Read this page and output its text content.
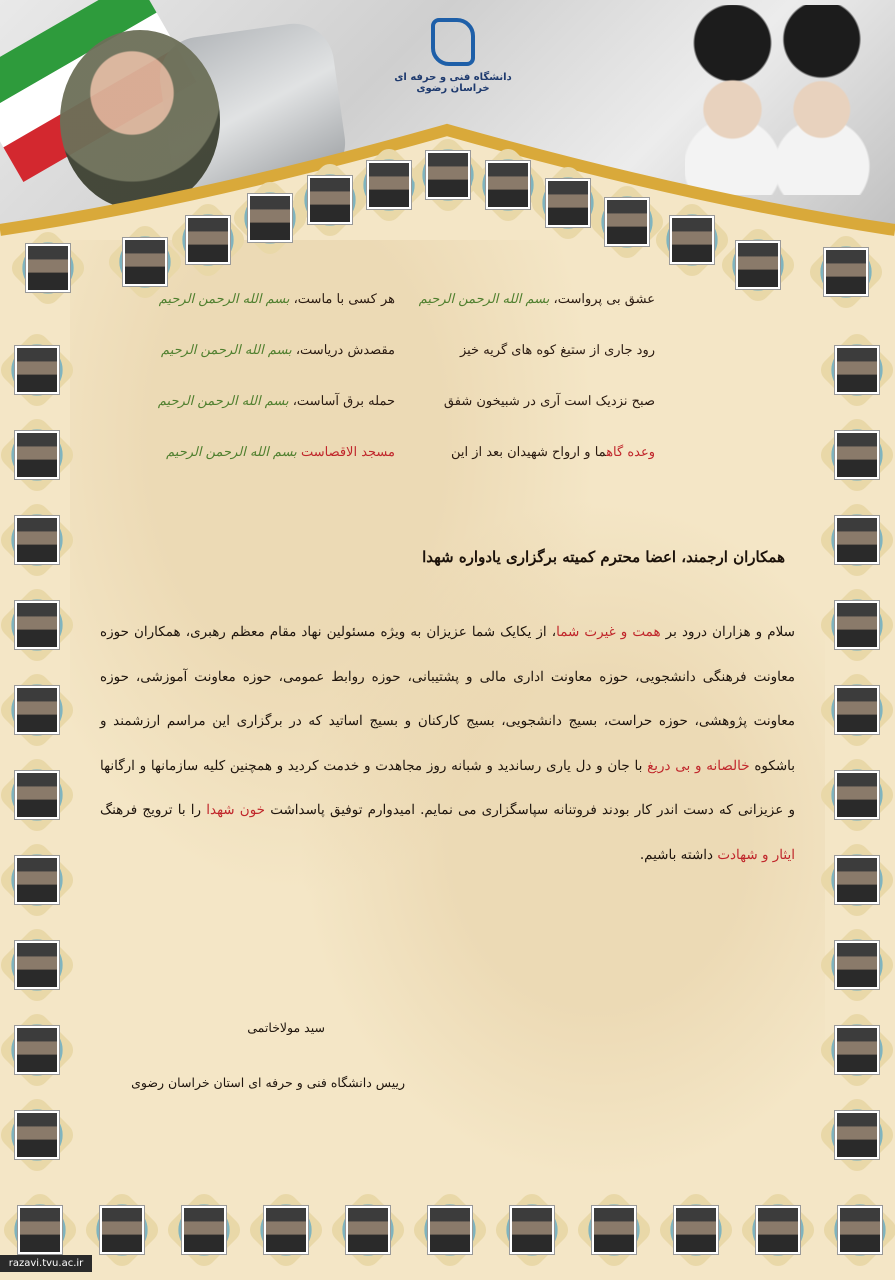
دانشگاه فنی و حرفه ای خراسان رضوی
عشق بی پرواست، بسم الله الرحمن الرحیم
رود جاری از ستیغ کوه های گریه خیز
صبح نزدیک است آری در شبیخون شفق
وعده گاهما و ارواح شهیدان بعد از این
هر کسی با ماست، بسم الله الرحمن الرحیم
مقصدش دریاست، بسم الله الرحمن الرحیم
حمله برق آساست، بسم الله الرحمن الرحیم
مسجد الاقصاست بسم الله الرحمن الرحیم
همکاران ارجمند، اعضا محترم کمیته برگزاری یادواره شهدا

سلام و هزاران درود بر همت و غیرت شما، از یکایک شما عزیزان به ویژه مسئولین نهاد مقام معظم رهبری، همکاران حوزه معاونت فرهنگی دانشجویی، حوزه معاونت اداری مالی و پشتیبانی، حوزه روابط عمومی، حوزه معاونت آموزشی، حوزه معاونت پژوهشی، حوزه حراست، بسیج دانشجویی، بسیج کارکنان و بسیج اساتید که در برگزاری این مراسم ارزشمند و باشکوه خالصانه و بی دریغ با جان و دل یاری رساندید و شبانه روز مجاهدت و خدمت کردید و همچنین کلیه سازمانها و ارگانها و عزیزانی که دست اندر کار بودند فروتنانه سپاسگزاری می نمایم. امیدوارم توفیق پاسداشت خون شهدا را با ترویج فرهنگ ایثار و شهادت داشته باشیم.

سید مولاخاتمی
رییس دانشگاه فنی و حرفه ای استان خراسان رضوی
razavi.tvu.ac.ir
